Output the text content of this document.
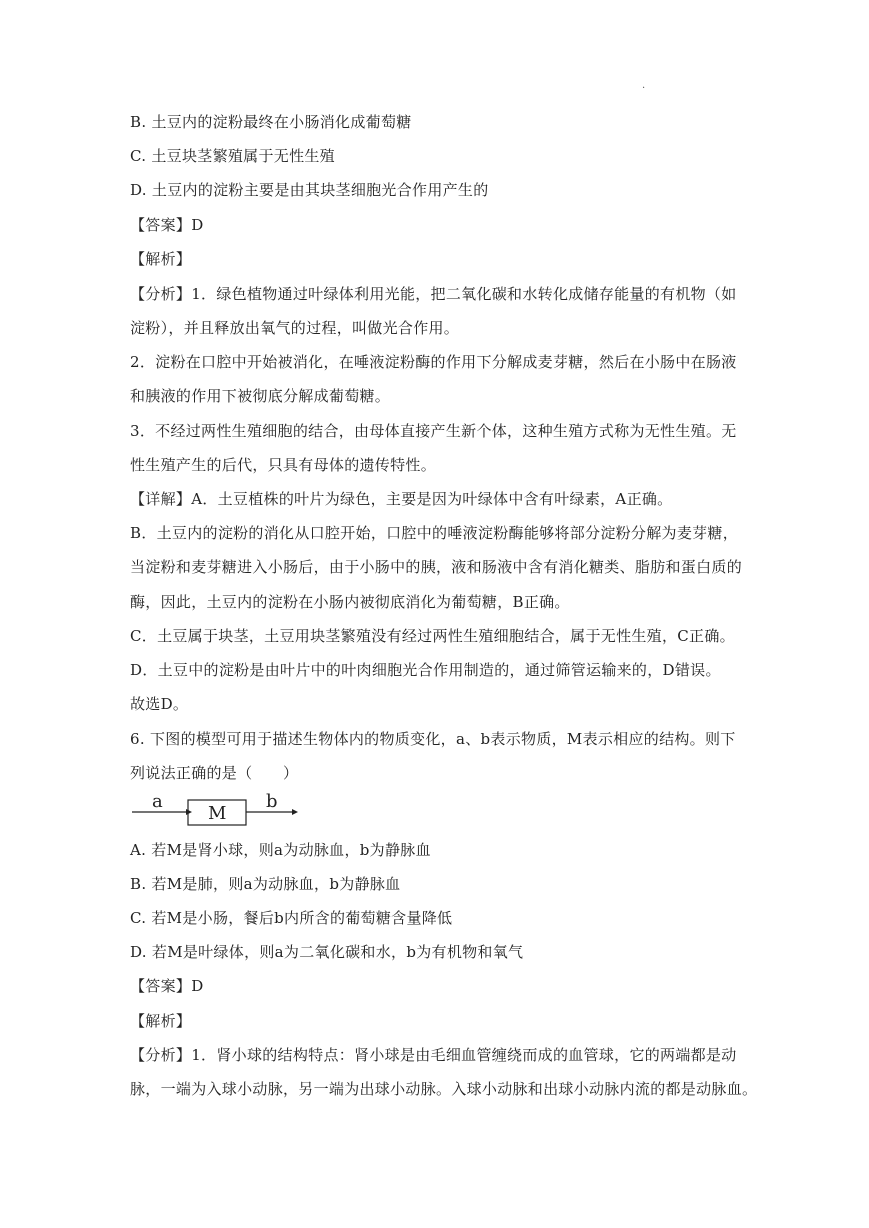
.
B. 土豆内的淀粉最终在小肠消化成葡萄糖
C. 土豆块茎繁殖属于无性生殖
D. 土豆内的淀粉主要是由其块茎细胞光合作用产生的
【答案】D
【解析】
【分析】1．绿色植物通过叶绿体利用光能，把二氧化碳和水转化成储存能量的有机物（如
淀粉），并且释放出氧气的过程，叫做光合作用。
2．淀粉在口腔中开始被消化，在唾液淀粉酶的作用下分解成麦芽糖，然后在小肠中在肠液
和胰液的作用下被彻底分解成葡萄糖。
3．不经过两性生殖细胞的结合，由母体直接产生新个体，这种生殖方式称为无性生殖。无
性生殖产生的后代，只具有母体的遗传特性。
【详解】A．土豆植株的叶片为绿色，主要是因为叶绿体中含有叶绿素，A正确。
B．土豆内的淀粉的消化从口腔开始，口腔中的唾液淀粉酶能够将部分淀粉分解为麦芽糖，
当淀粉和麦芽糖进入小肠后，由于小肠中的胰，液和肠液中含有消化糖类、脂肪和蛋白质的
酶，因此，土豆内的淀粉在小肠内被彻底消化为葡萄糖，B正确。
C．土豆属于块茎，土豆用块茎繁殖没有经过两性生殖细胞结合，属于无性生殖，C正确。
D．土豆中的淀粉是由叶片中的叶肉细胞光合作用制造的，通过筛管运输来的，D错误。
故选D。
6. 下图的模型可用于描述生物体内的物质变化，a、b表示物质，M表示相应的结构。则下
列说法正确的是（　　）
a
M
b
A. 若M是肾小球，则a为动脉血，b为静脉血
B. 若M是肺，则a为动脉血，b为静脉血
C. 若M是小肠，餐后b内所含的葡萄糖含量降低
D. 若M是叶绿体，则a为二氧化碳和水，b为有机物和氧气
【答案】D
【解析】
【分析】1．肾小球的结构特点：肾小球是由毛细血管缠绕而成的血管球，它的两端都是动
脉，一端为入球小动脉，另一端为出球小动脉。入球小动脉和出球小动脉内流的都是动脉血。
